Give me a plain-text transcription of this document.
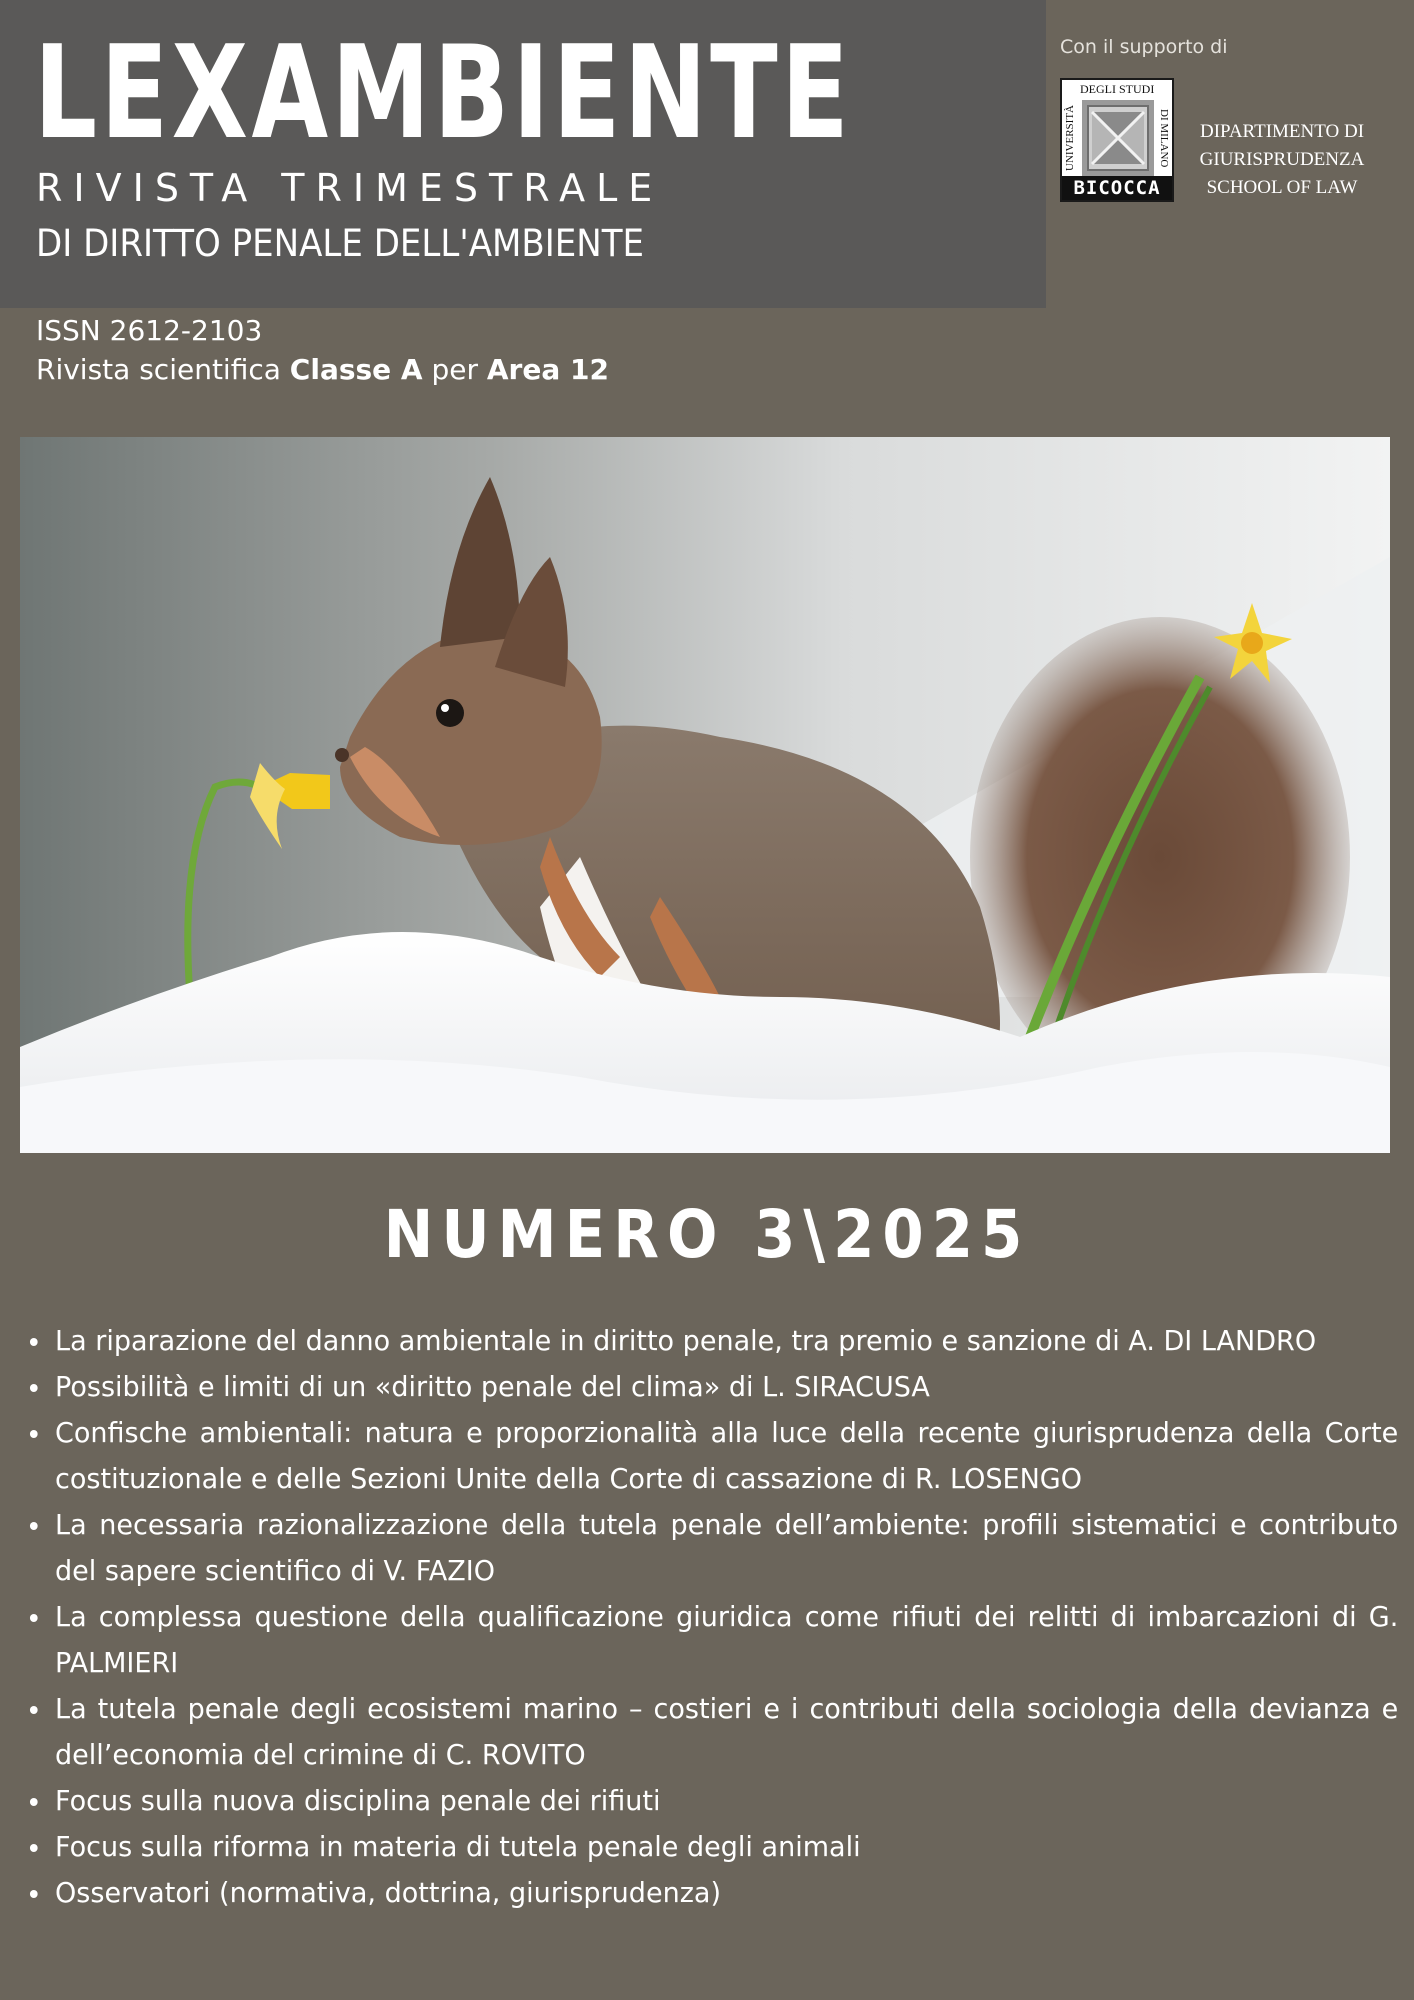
LEXAMBIENTE
RIVISTA TRIMESTRALE
DI DIRITTO PENALE DELL'AMBIENTE
Con il supporto di
DEGLI STUDI
UNIVERSITÀ	DI MILANO
BICOCCA
DIPARTIMENTO DI
GIURISPRUDENZA
SCHOOL OF LAW
ISSN 2612-2103
Rivista scientifica Classe A per Area 12
NUMERO 3\2025
La riparazione del danno ambientale in diritto penale, tra premio e sanzione di A. DI LANDRO
Possibilità e limiti di un «diritto penale del clima» di L. SIRACUSA
Confische ambientali: natura e proporzionalità alla luce della recente giurisprudenza della Corte costituzionale e delle Sezioni Unite della Corte di cassazione di R. LOSENGO
La necessaria razionalizzazione della tutela penale dell’ambiente: profili sistematici e contributo del sapere scientifico di V. FAZIO
La complessa questione della qualificazione giuridica come rifiuti dei relitti di imbarcazioni di G. PALMIERI
La tutela penale degli ecosistemi marino – costieri e i contributi della sociologia della devianza e dell’economia del crimine di C. ROVITO
Focus sulla nuova disciplina penale dei rifiuti
Focus sulla riforma in materia di tutela penale degli animali
Osservatori (normativa, dottrina, giurisprudenza)
